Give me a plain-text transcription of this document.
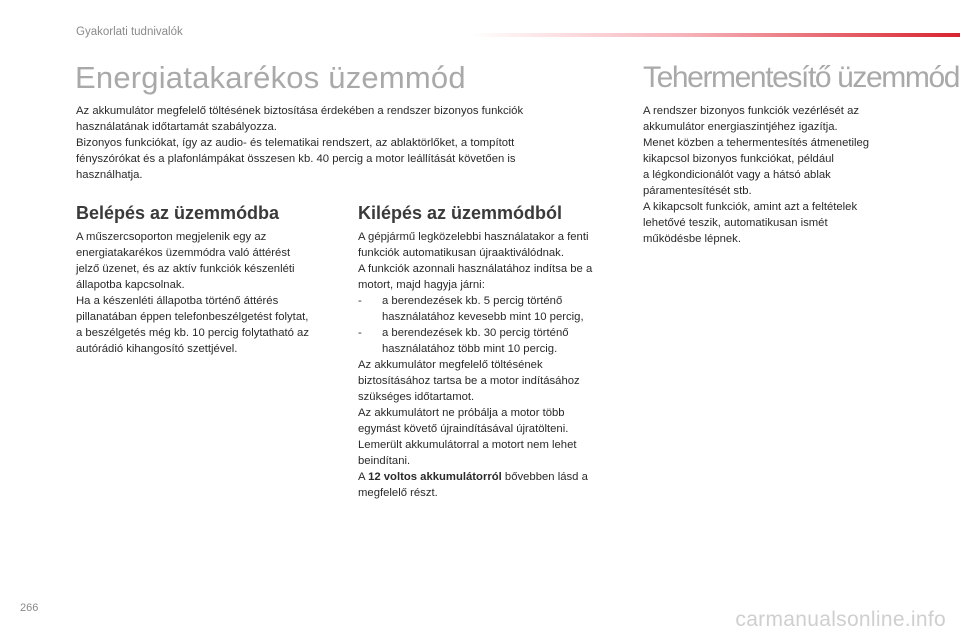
Gyakorlati tudnivalók
Energiatakarékos üzemmód	Tehermentesítő üzemmód

Az akkumulátor megfelelő töltésének biztosítása érdekében a rendszer bizonyos funkciók

használatának időtartamát szabályozza.

Bizonyos funkciókat, így az audio- és telematikai rendszert, az ablaktörlőket, a tompított

fényszórókat és a plafonlámpákat összesen kb. 40 percig a motor leállítását követően is

használhatja.

A rendszer bizonyos funkciók vezérlését az

akkumulátor energiaszintjéhez igazítja.

Menet közben a tehermentesítés átmenetileg

kikapcsol bizonyos funkciókat, például

a légkondicionálót vagy a hátsó ablak

páramentesítését stb.

A kikapcsolt funkciók, amint azt a feltételek

lehetővé teszik, automatikusan ismét

működésbe lépnek.

Belépés az üzemmódba	Kilépés az üzemmódból

A műszercsoporton megjelenik egy az

energiatakarékos üzemmódra való áttérést

jelző üzenet, és az aktív funkciók készenléti

állapotba kapcsolnak.

Ha a készenléti állapotba történő áttérés

pillanatában éppen telefonbeszélgetést folytat,

a beszélgetés még kb. 10 percig folytatható az

autórádió kihangosító szettjével.

A gépjármű legközelebbi használatakor a fenti

funkciók automatikusan újraaktiválódnak.

A funkciók azonnali használatához indítsa be a

motort, majd hagyja járni:

-	a berendezések kb. 5 percig történő
használatához kevesebb mint 10 percig,
-	a berendezések kb. 30 percig történő
használatához több mint 10 percig.

Az akkumulátor megfelelő töltésének

biztosításához tartsa be a motor indításához

szükséges időtartamot.

Az akkumulátort ne próbálja a motor több

egymást követő újraindításával újratölteni.

Lemerült akkumulátorral a motort nem lehet

beindítani.

A 12 voltos akkumulátorról bővebben lásd a

megfelelő részt.

266	carmanualsonline.info
